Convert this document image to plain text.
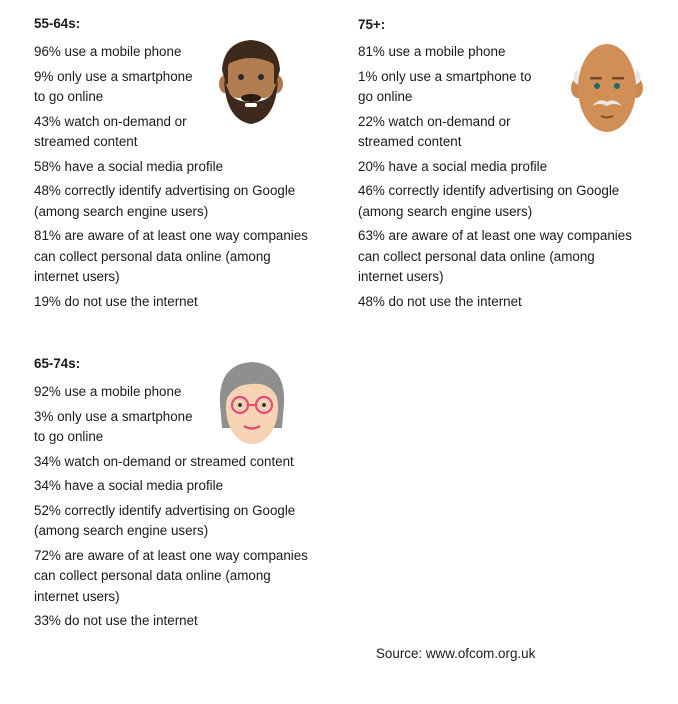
55-64s:

96% use a mobile phone

9% only use a smartphone
to go online

43% watch on-demand or
streamed content

58% have a social media profile

48% correctly identify advertising on Google
(among search engine users)

81% are aware of at least one way companies
can collect personal data online (among
internet users)

19% do not use the internet

75+:

81% use a mobile phone

1% only use a smartphone to
go online

22% watch on-demand or
streamed content

20% have a social media profile

46% correctly identify advertising on Google
(among search engine users)

63% are aware of at least one way companies
can collect personal data online (among
internet users)

48% do not use the internet

65-74s:

92% use a mobile phone

3% only use a smartphone
to go online

34% watch on-demand or streamed content

34% have a social media profile

52% correctly identify advertising on Google
(among search engine users)

72% are aware of at least one way companies
can collect personal data online (among
internet users)

33% do not use the internet

Source: www.ofcom.org.uk
